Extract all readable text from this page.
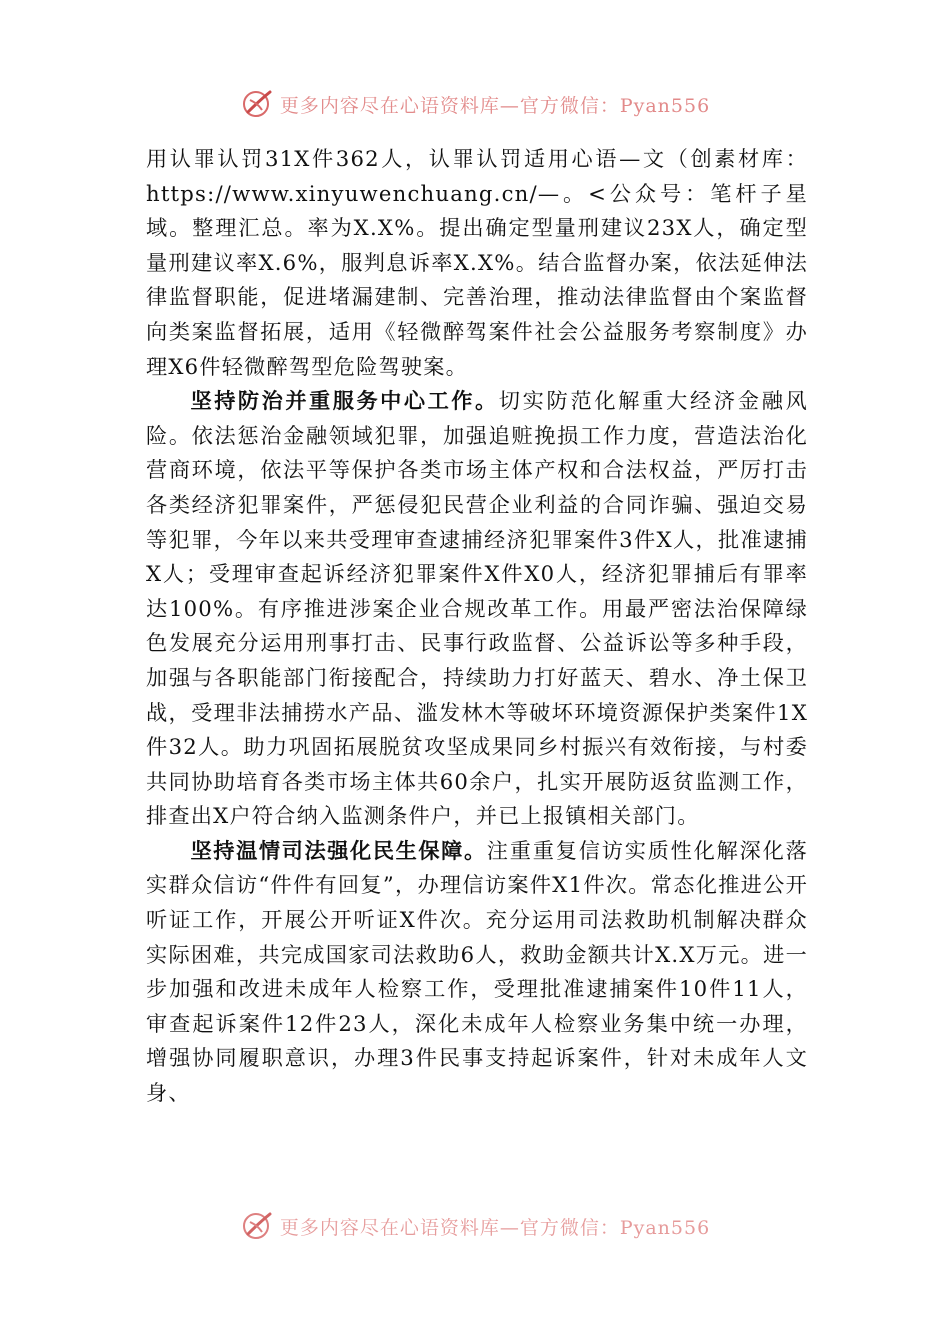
更多内容尽在心语资料库—官方微信：Pyan556

用认罪认罚31X件362人，认罪认罚适用心语—文（创素材库：https://www.xinyuwenchuang.cn/—。<公众号：笔杆子星域。整理汇总。率为X.X%。提出确定型量刑建议23X人，确定型量刑建议率X.6%，服判息诉率X.X%。结合监督办案，依法延伸法律监督职能，促进堵漏建制、完善治理，推动法律监督由个案监督向类案监督拓展，适用《轻微醉驾案件社会公益服务考察制度》办理X6件轻微醉驾型危险驾驶案。

坚持防治并重服务中心工作。切实防范化解重大经济金融风险。依法惩治金融领域犯罪，加强追赃挽损工作力度，营造法治化营商环境，依法平等保护各类市场主体产权和合法权益，严厉打击各类经济犯罪案件，严惩侵犯民营企业利益的合同诈骗、强迫交易等犯罪，今年以来共受理审查逮捕经济犯罪案件3件X人，批准逮捕X人；受理审查起诉经济犯罪案件X件X0人，经济犯罪捕后有罪率达100%。有序推进涉案企业合规改革工作。用最严密法治保障绿色发展充分运用刑事打击、民事行政监督、公益诉讼等多种手段，加强与各职能部门衔接配合，持续助力打好蓝天、碧水、净土保卫战，受理非法捕捞水产品、滥发林木等破坏环境资源保护类案件1X件32人。助力巩固拓展脱贫攻坚成果同乡村振兴有效衔接，与村委共同协助培育各类市场主体共60余户，扎实开展防返贫监测工作，排查出X户符合纳入监测条件户，并已上报镇相关部门。

坚持温情司法强化民生保障。注重重复信访实质性化解深化落实群众信访“件件有回复”，办理信访案件X1件次。常态化推进公开听证工作，开展公开听证X件次。充分运用司法救助机制解决群众实际困难，共完成国家司法救助6人，救助金额共计X.X万元。进一步加强和改进未成年人检察工作，受理批准逮捕案件10件11人，审查起诉案件12件23人，深化未成年人检察业务集中统一办理，增强协同履职意识，办理3件民事支持起诉案件，针对未成年人文身、

更多内容尽在心语资料库—官方微信：Pyan556
